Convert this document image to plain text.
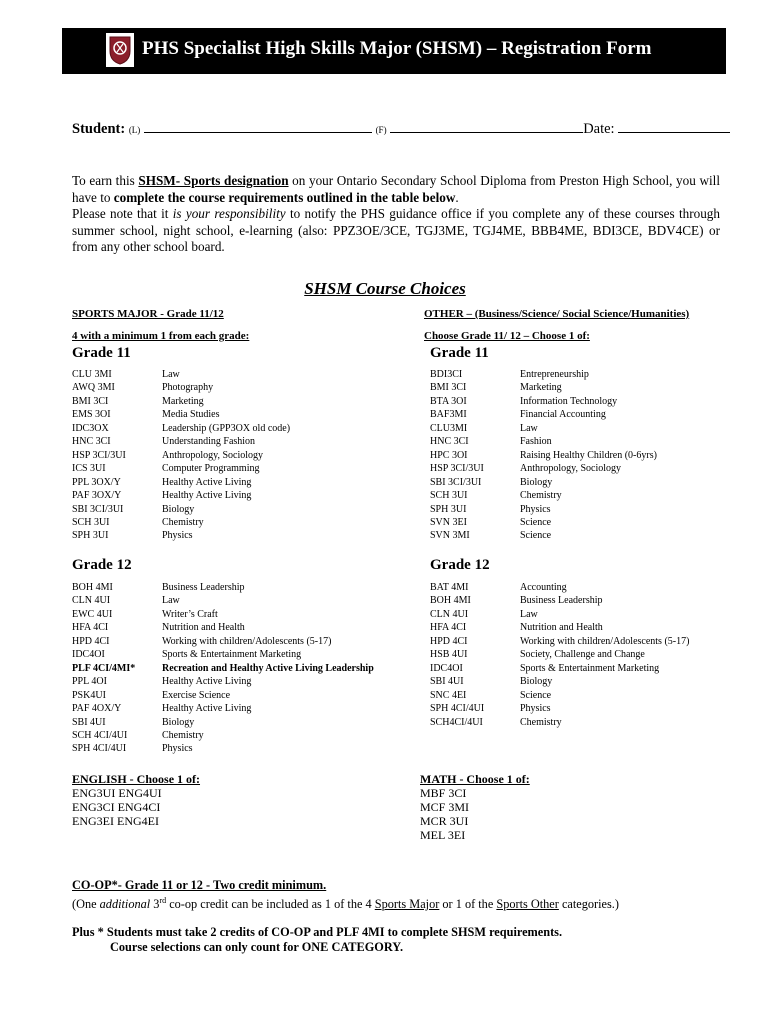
PHS Specialist High Skills Major (SHSM) – Registration Form
Student: (L)	(F)	Date:

To earn this SHSM- Sports designation on your Ontario Secondary School Diploma from Preston High School, you will have to complete the course requirements outlined in the table below.

Please note that it is your responsibility to notify the PHS guidance office if you complete any of these courses through summer school, night school, e-learning (also: PPZ3OE/3CE, TGJ3ME, TGJ4ME, BBB4ME, BDI3CE, BDV4CE) or from any other school board.

SHSM Course Choices
SPORTS MAJOR - Grade 11/12
4 with a minimum 1 from each grade:
Grade 11
CLU 3MI	Law
AWQ 3MI	Photography
BMI 3CI	Marketing
EMS 3OI	Media Studies
IDC3OX	Leadership (GPP3OX old code)
HNC 3CI	Understanding Fashion
HSP 3CI/3UI	Anthropology, Sociology
ICS 3UI	Computer Programming
PPL 3OX/Y	Healthy Active Living
PAF 3OX/Y	Healthy Active Living
SBI 3CI/3UI	Biology
SCH 3UI	Chemistry
SPH 3UI	Physics
Grade 12
BOH 4MI	Business Leadership
CLN 4UI	Law
EWC 4UI	Writer’s Craft
HFA 4CI	Nutrition and Health
HPD 4CI	Working with children/Adolescents (5-17)
IDC4OI	Sports & Entertainment Marketing
PLF 4CI/4MI*	Recreation and Healthy Active Living Leadership
PPL 4OI	Healthy Active Living
PSK4UI	Exercise Science
PAF 4OX/Y	Healthy Active Living
SBI 4UI	Biology
SCH 4CI/4UI	Chemistry
SPH 4CI/4UI	Physics
ENGLISH - Choose 1 of:
ENG3UI ENG4UI
ENG3CI ENG4CI
ENG3EI ENG4EI
OTHER – (Business/Science/ Social Science/Humanities)
Choose Grade 11/ 12 – Choose 1 of:
Grade 11
BDI3CI	Entrepreneurship
BMI 3CI	Marketing
BTA 3OI	Information Technology
BAF3MI	Financial Accounting
CLU3MI	Law
HNC 3CI	Fashion
HPC 3OI	Raising Healthy Children (0-6yrs)
HSP 3CI/3UI	Anthropology, Sociology
SBI 3CI/3UI	Biology
SCH 3UI	Chemistry
SPH 3UI	Physics
SVN 3EI	Science
SVN 3MI	Science
Grade 12
BAT 4MI	Accounting
BOH 4MI	Business Leadership
CLN 4UI	Law
HFA 4CI	Nutrition and Health
HPD 4CI	Working with children/Adolescents (5-17)
HSB 4UI	Society, Challenge and Change
IDC4OI	Sports & Entertainment Marketing
SBI 4UI	Biology
SNC 4EI	Science
SPH 4CI/4UI	Physics
SCH4CI/4UI	Chemistry
MATH - Choose 1 of:
MBF 3CI
MCF 3MI
MCR 3UI
MEL 3EI
CO-OP*- Grade 11 or 12 - Two credit minimum.
(One additional 3rd co-op credit can be included as 1 of the 4 Sports Major or 1 of the Sports Other categories.)
Plus * Students must take 2 credits of CO-OP and PLF 4MI to complete SHSM requirements.
Course selections can only count for ONE CATEGORY.
